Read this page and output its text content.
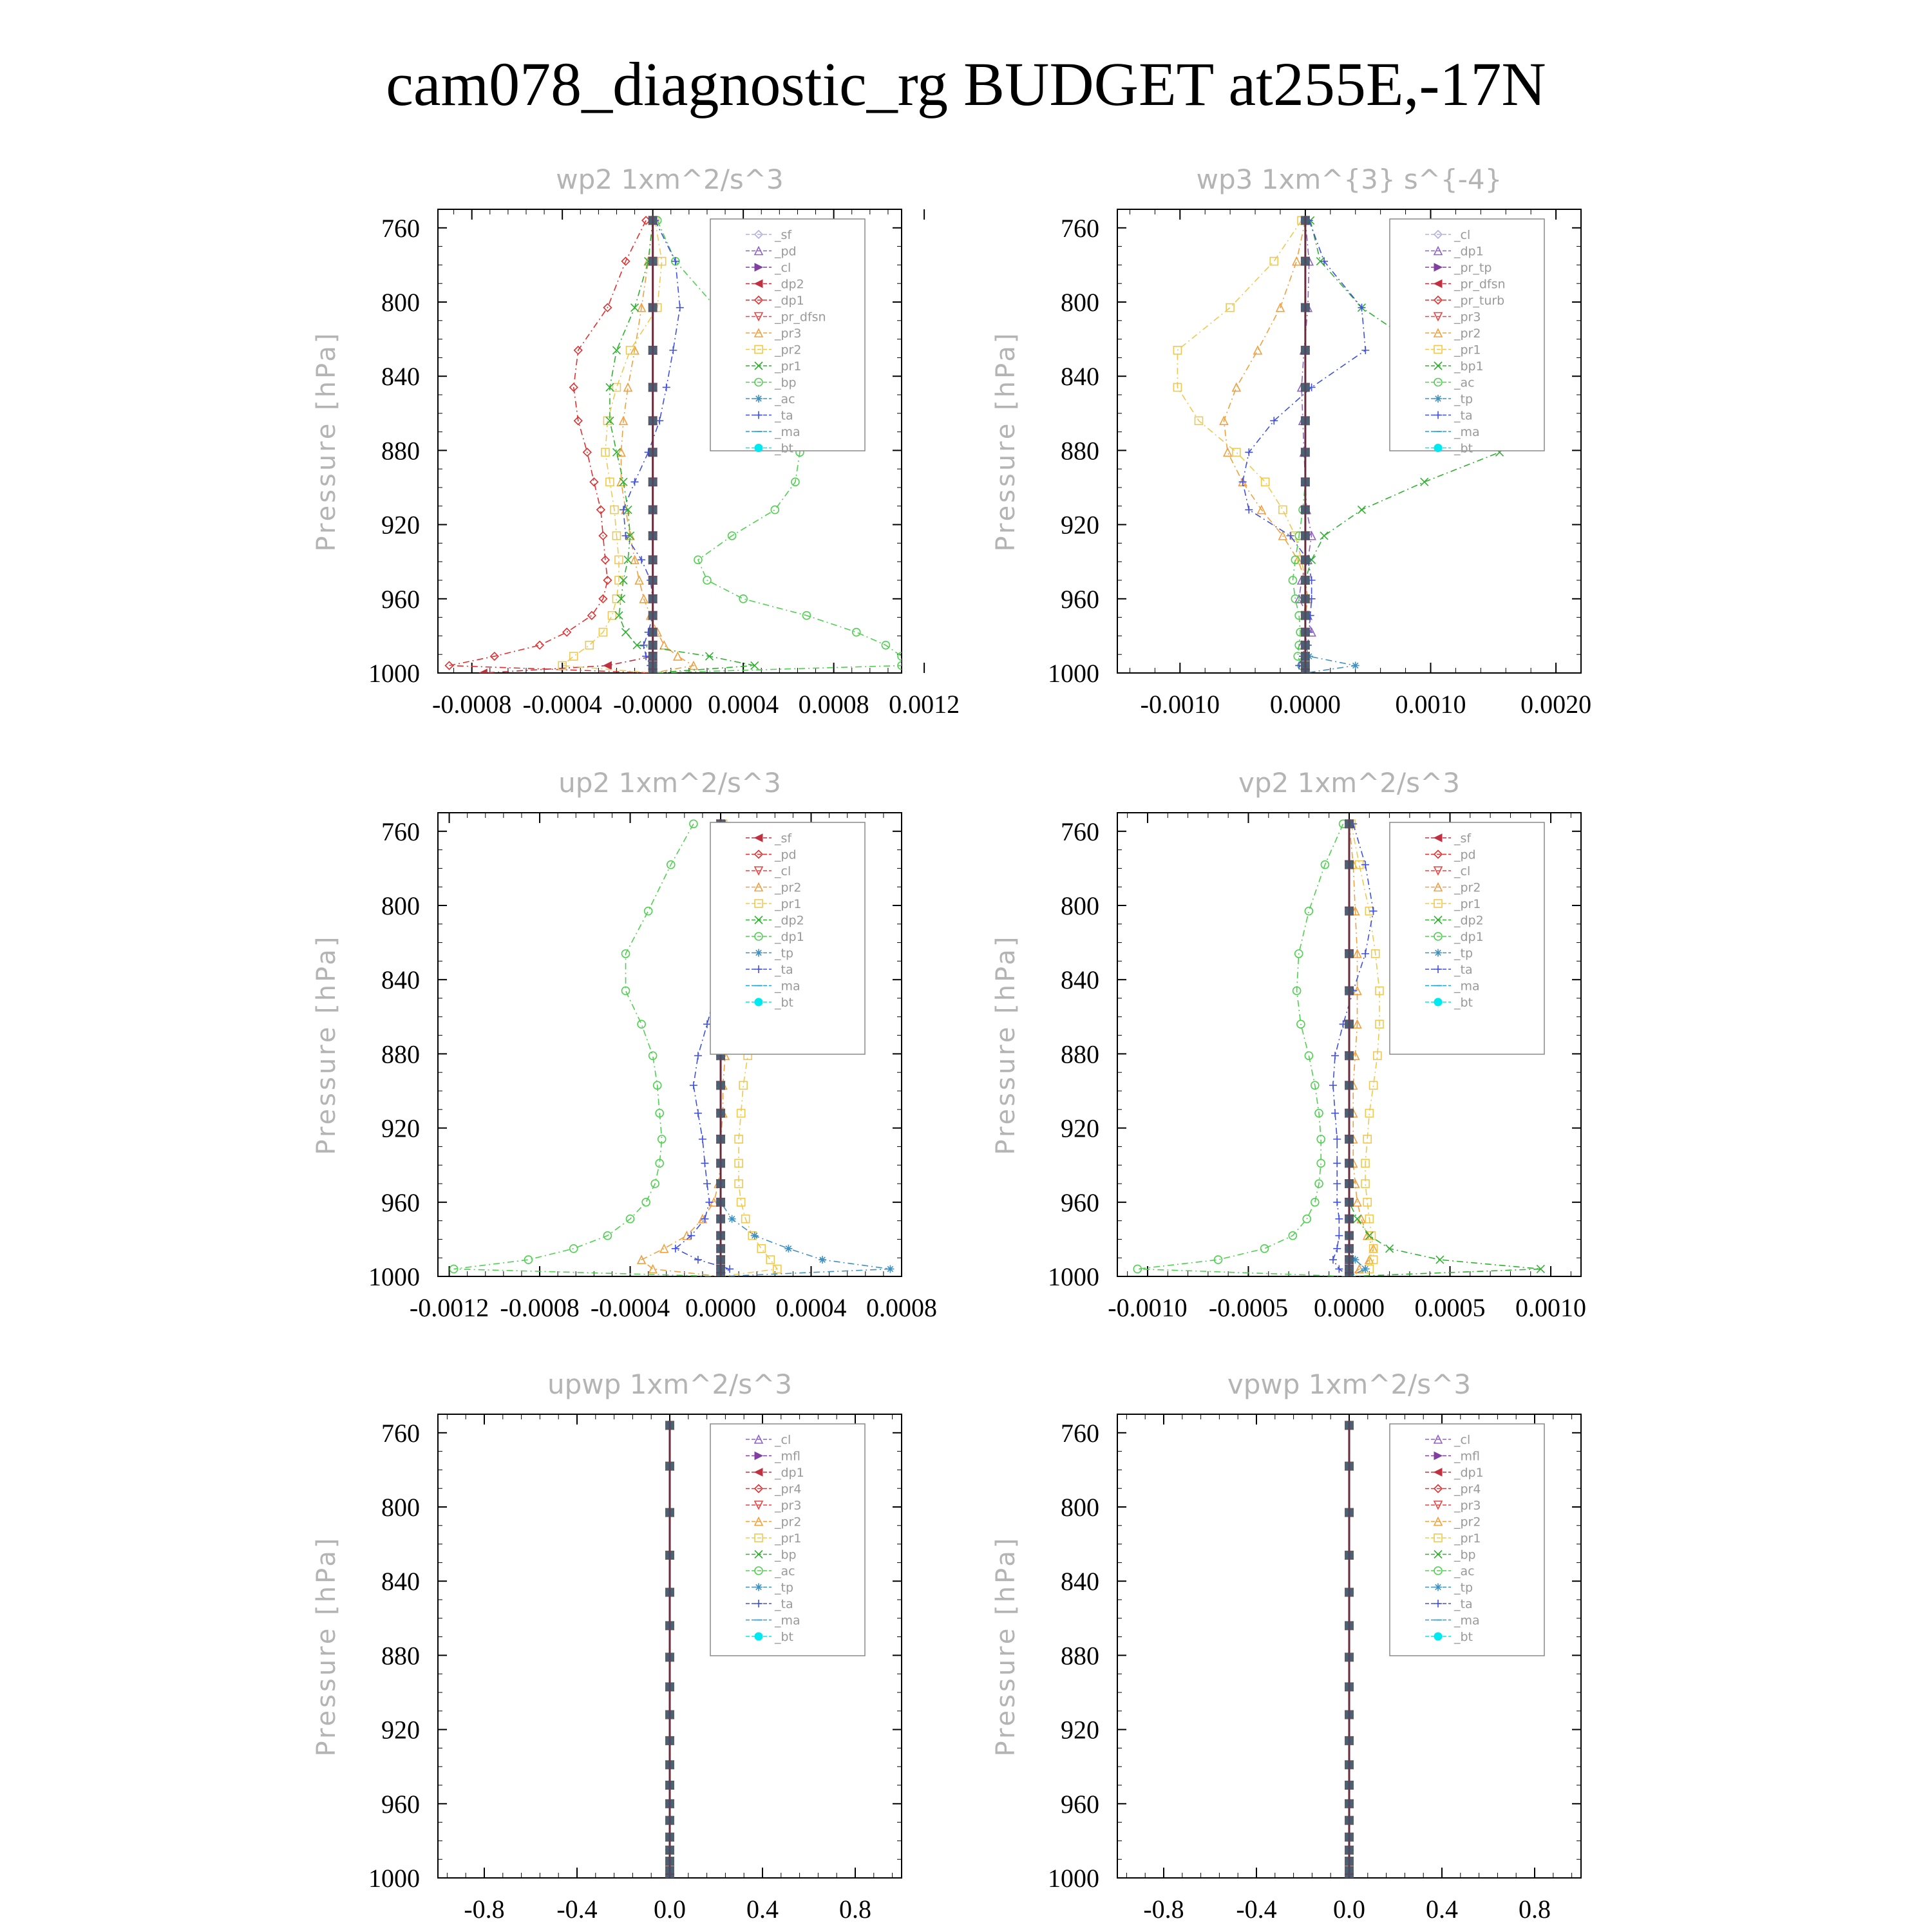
cam078_diagnostic_rg BUDGET at255E,-17N
wp2 1xm^2/s^3
Pressure [hPa]
760
800
840
880
920
960
1000
-0.0008 -0.0004 -0.0000 0.0004 0.0008 0.0012
_sf
_pd
_cl
_dp2
_dp1
_pr_dfsn
_pr3
_pr2
_pr1
_bp
_ac
_ta
_ma
_bt
wp3 1xm^{3} s^{-4}
Pressure [hPa]
760
800
840
880
920
960
1000
-0.0010 0.0000 0.0010 0.0020
_cl
_dp1
_pr_tp
_pr_dfsn
_pr_turb
_pr3
_pr2
_pr1
_bp1
_ac
_tp
_ta
_ma
_bt
up2 1xm^2/s^3
Pressure [hPa]
760
800
840
880
920
960
1000
-0.0012 -0.0008 -0.0004 0.0000 0.0004 0.0008
_sf
_pd
_cl
_pr2
_pr1
_dp2
_dp1
_tp
_ta
_ma
_bt
vp2 1xm^2/s^3
Pressure [hPa]
760
800
840
880
920
960
1000
-0.0010 -0.0005 0.0000 0.0005 0.0010
_sf
_pd
_cl
_pr2
_pr1
_dp2
_dp1
_tp
_ta
_ma
_bt
upwp 1xm^2/s^3
Pressure [hPa]
760
800
840
880
920
960
1000
-0.8 -0.4 0.0 0.4 0.8
_cl
_mfl
_dp1
_pr4
_pr3
_pr2
_pr1
_bp
_ac
_tp
_ta
_ma
_bt
vpwp 1xm^2/s^3
Pressure [hPa]
760
800
840
880
920
960
1000
-0.8 -0.4 0.0 0.4 0.8
_cl
_mfl
_dp1
_pr4
_pr3
_pr2
_pr1
_bp
_ac
_tp
_ta
_ma
_bt
